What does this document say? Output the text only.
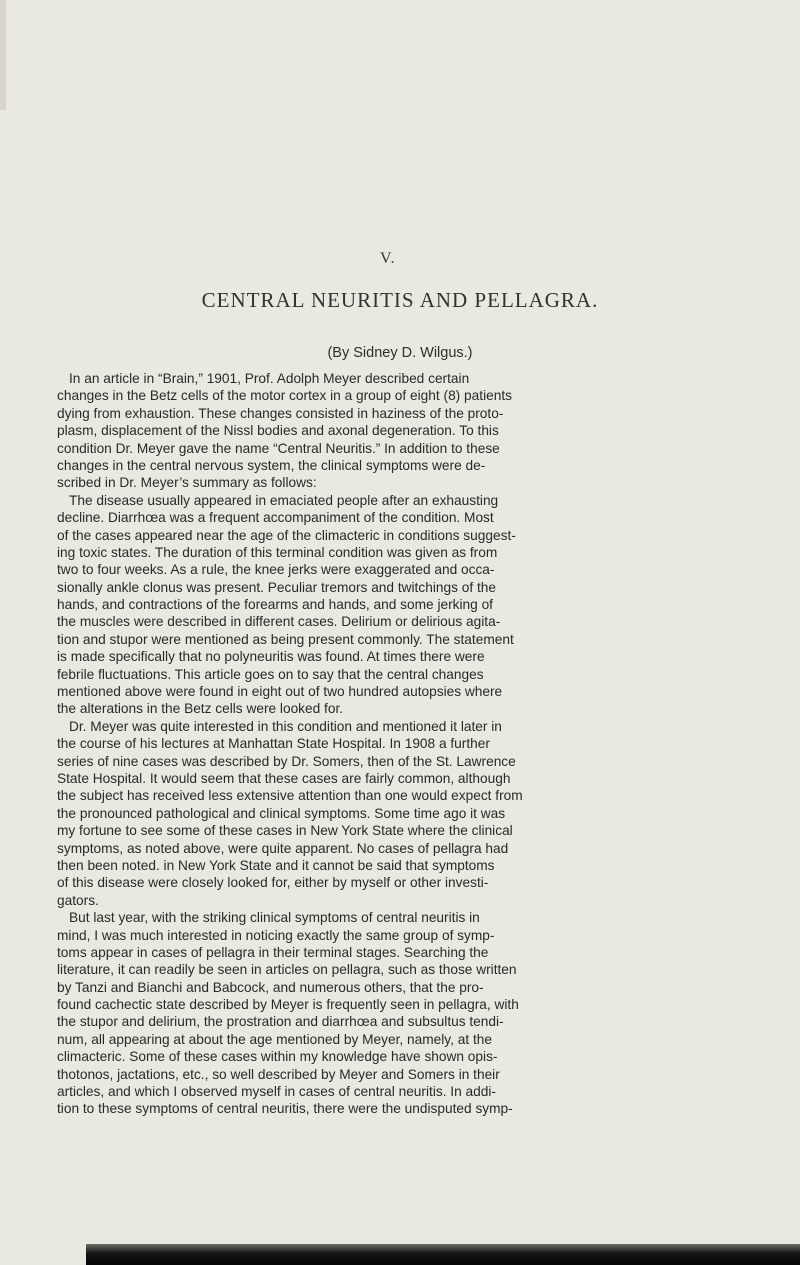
V.
CENTRAL NEURITIS AND PELLAGRA.
(By Sidney D. Wilgus.)
In an article in “Brain,” 1901, Prof. Adolph Meyer described certain
changes in the Betz cells of the motor cortex in a group of eight (8) patients
dying from exhaustion. These changes consisted in haziness of the proto-
plasm, displacement of the Nissl bodies and axonal degeneration. To this
condition Dr. Meyer gave the name “Central Neuritis.” In addition to these
changes in the central nervous system, the clinical symptoms were de-
scribed in Dr. Meyer’s summary as follows:
The disease usually appeared in emaciated people after an exhausting
decline. Diarrhœa was a frequent accompaniment of the condition. Most
of the cases appeared near the age of the climacteric in conditions suggest-
ing toxic states. The duration of this terminal condition was given as from
two to four weeks. As a rule, the knee jerks were exaggerated and occa-
sionally ankle clonus was present. Peculiar tremors and twitchings of the
hands, and contractions of the forearms and hands, and some jerking of
the muscles were described in different cases. Delirium or delirious agita-
tion and stupor were mentioned as being present commonly. The statement
is made specifically that no polyneuritis was found. At times there were
febrile fluctuations. This article goes on to say that the central changes
mentioned above were found in eight out of two hundred autopsies where
the alterations in the Betz cells were looked for.
Dr. Meyer was quite interested in this condition and mentioned it later in
the course of his lectures at Manhattan State Hospital. In 1908 a further
series of nine cases was described by Dr. Somers, then of the St. Lawrence
State Hospital. It would seem that these cases are fairly common, although
the subject has received less extensive attention than one would expect from
the pronounced pathological and clinical symptoms. Some time ago it was
my fortune to see some of these cases in New York State where the clinical
symptoms, as noted above, were quite apparent. No cases of pellagra had
then been noted. in New York State and it cannot be said that symptoms
of this disease were closely looked for, either by myself or other investi-
gators.
But last year, with the striking clinical symptoms of central neuritis in
mind, I was much interested in noticing exactly the same group of symp-
toms appear in cases of pellagra in their terminal stages. Searching the
literature, it can readily be seen in articles on pellagra, such as those written
by Tanzi and Bianchi and Babcock, and numerous others, that the pro-
found cachectic state described by Meyer is frequently seen in pellagra, with
the stupor and delirium, the prostration and diarrhœa and subsultus tendi-
num, all appearing at about the age mentioned by Meyer, namely, at the
climacteric. Some of these cases within my knowledge have shown opis-
thotonos, jactations, etc., so well described by Meyer and Somers in their
articles, and which I observed myself in cases of central neuritis. In addi-
tion to these symptoms of central neuritis, there were the undisputed symp-
